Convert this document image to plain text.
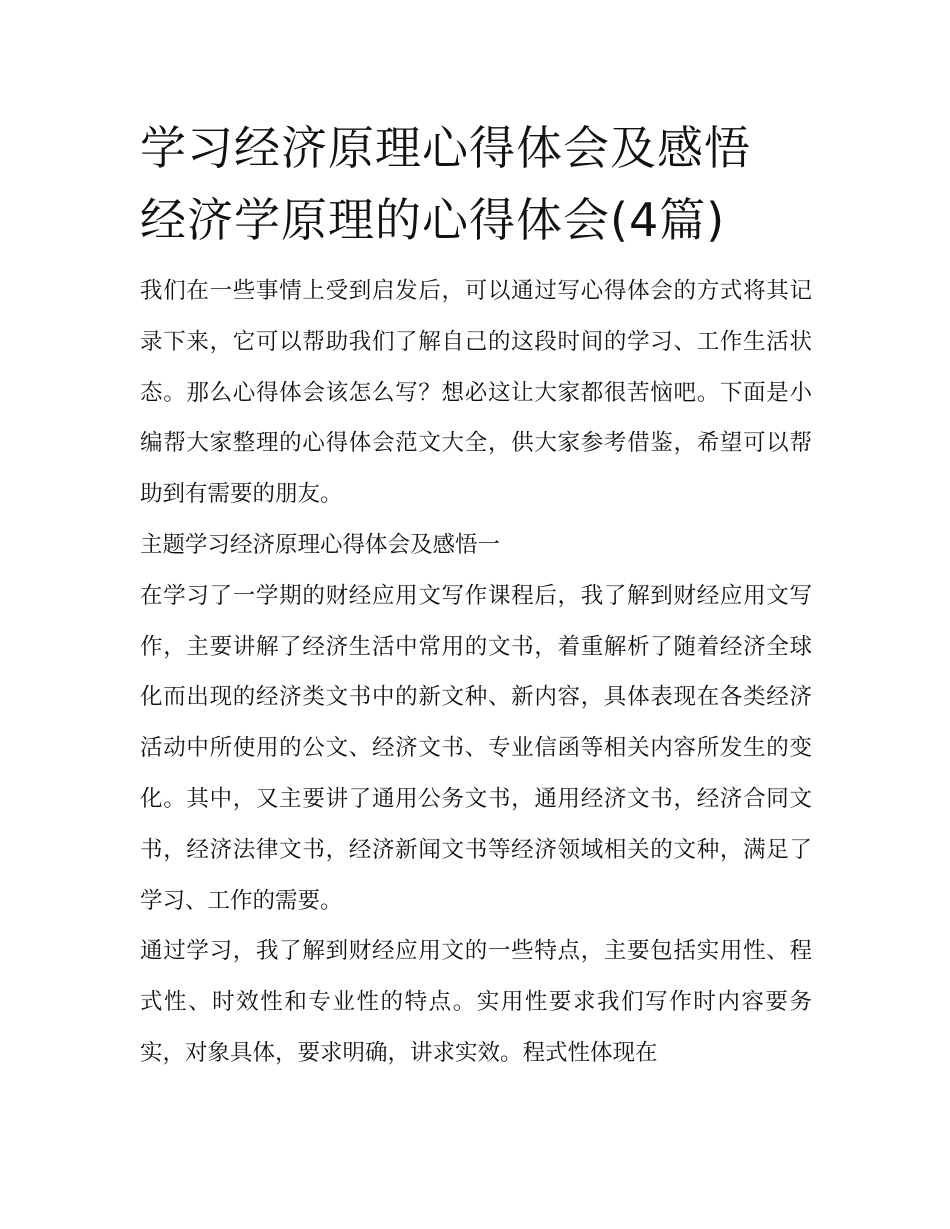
学习经济原理心得体会及感悟
经济学原理的心得体会(4篇)

我们在一些事情上受到启发后，可以通过写心得体会的方式将其记录下来，它可以帮助我们了解自己的这段时间的学习、工作生活状态。那么心得体会该怎么写？想必这让大家都很苦恼吧。下面是小编帮大家整理的心得体会范文大全，供大家参考借鉴，希望可以帮助到有需要的朋友。

主题学习经济原理心得体会及感悟一

在学习了一学期的财经应用文写作课程后，我了解到财经应用文写作，主要讲解了经济生活中常用的文书，着重解析了随着经济全球化而出现的经济类文书中的新文种、新内容，具体表现在各类经济活动中所使用的公文、经济文书、专业信函等相关内容所发生的变化。其中，又主要讲了通用公务文书，通用经济文书，经济合同文书，经济法律文书，经济新闻文书等经济领域相关的文种，满足了学习、工作的需要。

通过学习，我了解到财经应用文的一些特点，主要包括实用性、程式性、时效性和专业性的特点。实用性要求我们写作时内容要务实，对象具体，要求明确，讲求实效。程式性体现在
